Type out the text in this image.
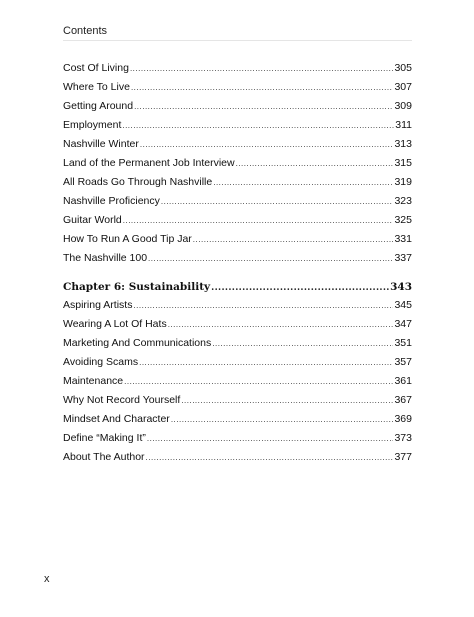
Contents
Cost Of Living .....	305
Where To Live .....	307
Getting Around .....	309
Employment .....	311
Nashville Winter .....	313
Land of the Permanent Job Interview .....	315
All Roads Go Through Nashville .....	319
Nashville Proficiency .....	323
Guitar World .....	325
How To Run A Good Tip Jar .....	331
The Nashville 100 .....	337
Chapter 6: Sustainability .....	343
Aspiring Artists .....	345
Wearing A Lot Of Hats .....	347
Marketing And Communications .....	351
Avoiding Scams .....	357
Maintenance .....	361
Why Not Record Yourself .....	367
Mindset And Character .....	369
Define “Making It” .....	373
About The Author .....	377
x
